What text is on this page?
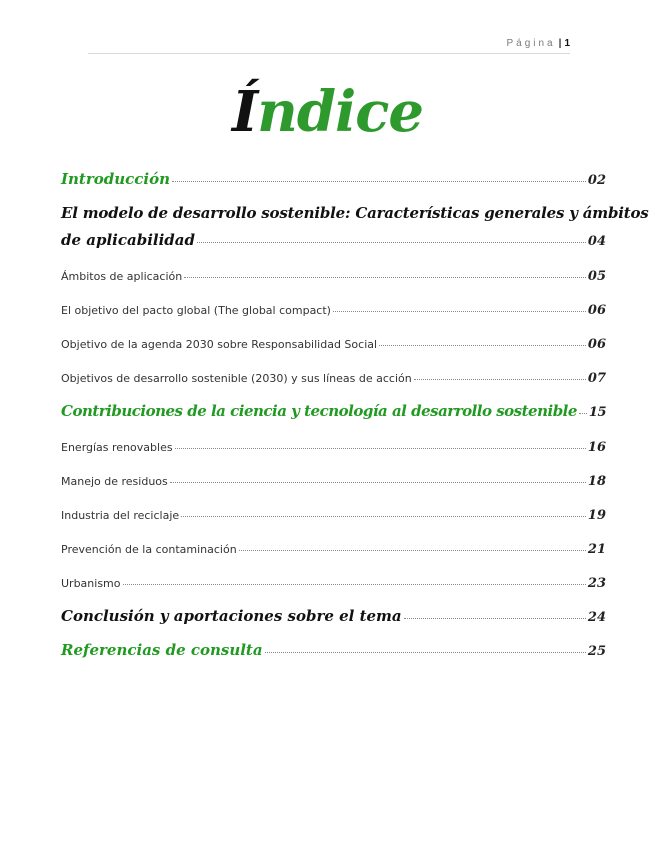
Página | 1
Índice
Introducción	02
El modelo de desarrollo sostenible: Características generales y ámbitos
de aplicabilidad	04
Ámbitos de aplicación	05
El objetivo del pacto global (The global compact)	06
Objetivo de la agenda 2030 sobre Responsabilidad Social	06
Objetivos de desarrollo sostenible (2030) y sus líneas de acción	07
Contribuciones de la ciencia y tecnología al desarrollo sostenible 15
Energías renovables	16
Manejo de residuos	18
Industria del reciclaje	19
Prevención de la contaminación	21
Urbanismo	23
Conclusión y aportaciones sobre el tema	24
Referencias de consulta	25
